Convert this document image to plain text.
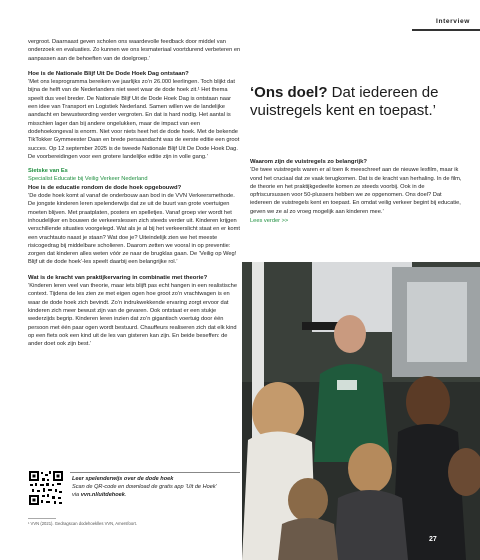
Interview

vergroot. Daarnaast geven scholen ons waardevolle feedback door middel van onderzoek en evaluaties. Zo kunnen we ons lesmateriaal voortdurend verbeteren en aanpassen aan de behoeften van de doelgroep.’

Hoe is de Nationale Blijf Uit De Dode Hoek Dag ontstaan?

‘Met ons lesprogramma bereiken we jaarlijks zo’n 26.000 leerlingen. Toch blijkt dat bijna de helft van de Nederlanders niet weet waar de dode hoek zit.¹ Het thema speelt dus veel breder. De Nationale Blijf Uit de Dode Hoek Dag is ontstaan naar een idee van Transport en Logistiek Nederland. Samen willen we de landelijke aandacht en bewustwording verder vergroten. En dat is hard nodig. Het aantal is misschien lager dan bij andere ongelukken, maar de impact van een dodehoekongeval is enorm. Niet voor niets heet het de dode hoek. Met de bekende TikTokker Gymmeester Daan en brede persaandacht was de eerste editie een groot succes. Op 12 september 2025 is de tweede Nationale Blijf Uit De Dode Hoek Dag. De voorbereidingen voor een grotere landelijke editie zijn in volle gang.’

Sietske van Es

Specialist Educatie bij Veilig Verkeer Nederland

Hoe is de educatie rondom de dode hoek opgebouwd?

‘De dode hoek komt al vanaf de onderbouw aan bod in de VVN Verkeersmethode. De jongste kinderen leren spelenderwijs dat ze uit de buurt van grote voertuigen moeten blijven. Met praatplaten, posters en spelletjes. Vanaf groep vier wordt het inhoudelijker en bouwen de verkeerslessen zich steeds verder uit. Kinderen krijgen verschillende situaties voorgelegd. Wat als je al bij het verkeerslicht staat en er komt een vrachtauto naast je staan? Wat doe je? Uiteindelijk zien we het meeste risicogedrag bij middelbare scholieren. Daarom zetten we vooral in op preventie: zorgen dat kinderen alles weten vóór ze naar de brugklas gaan. De ‘Veilig op Weg! Blijf uit de dode hoek’-les speelt daarbij een belangrijke rol.’

Wat is de kracht van praktijkervaring in combinatie met theorie?

‘Kinderen leren veel van theorie, maar iets blijft pas echt hangen in een realistische context. Tijdens de les zien ze met eigen ogen hoe groot zo’n vrachtwagen is en waar de dode hoek zich bevindt. Zo’n indrukwekkende ervaring zorgt ervoor dat kinderen zich meer bewust zijn van de gevaren. Ook ontstaat er een stukje wederzijds begrip. Kinderen leren inzien dat zo’n gigantisch voertuig door één persoon met één paar ogen wordt bestuurd. Chauffeurs realiseren zich dat elk kind op een fiets ook een kind uit de les van gisteren kan zijn. En beide beseffen: de ander doet ook zijn best.’

‘Ons doel? Dat iedereen de vuistregels kent en toepast.’
Waarom zijn de vuistregels zo belangrijk?

‘De twee vuistregels waren er al toen ik meeschreef aan de nieuwe lesfilm, maar ik vond het cruciaal dat ze vaak terugkomen. Dat is de kracht van herhaling. In de film, de theorie en het praktijkgedeelte komen ze steeds voorbij. Ook in de opfriscursussen voor 50-plussers hebben we ze opgenomen. Ons doel? Dat iedereen de vuistregels kent en toepast. En omdat veilig verkeer begint bij educatie, geven we ze al zo vroeg mogelijk aan kinderen mee.’

Lees verder >>
Leer spelenderwijs over de dode hoek
Scan de QR-code en download de gratis app ‘Uit de Hoek’
via vvn.nl/uitdehoek.
¹ VVN (2021). Gedragscan dodehoeklles VVN, Amersfoort.
27
